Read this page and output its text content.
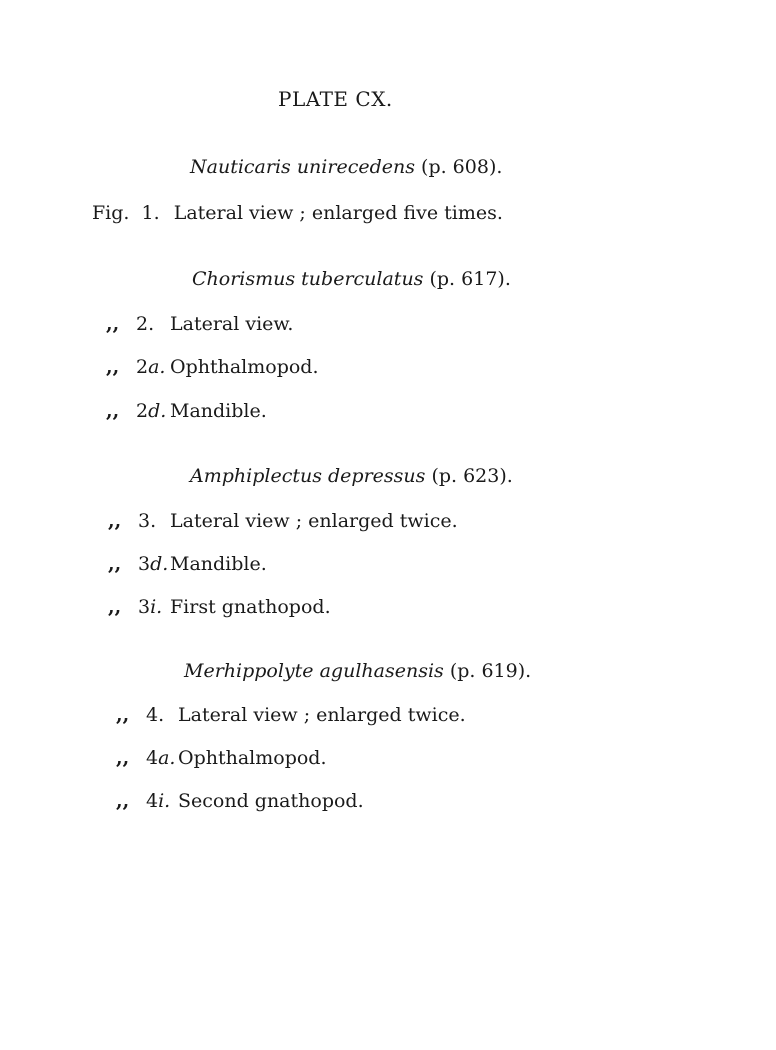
PLATE CX.
Nauticaris unirecedens (p. 608).
Fig. 1. Lateral view ; enlarged five times.
Chorismus tuberculatus (p. 617).
,, 2. Lateral view.
,, 2a. Ophthalmopod.
,, 2d. Mandible.
Amphiplectus depressus (p. 623).
,, 3. Lateral view ; enlarged twice.
,, 3d.Mandible.
,, 3i. First gnathopod.
Merhippolyte agulhasensis (p. 619).
,, 4. Lateral view ; enlarged twice.
,, 4a. Ophthalmopod.
,, 4i. Second gnathopod.
